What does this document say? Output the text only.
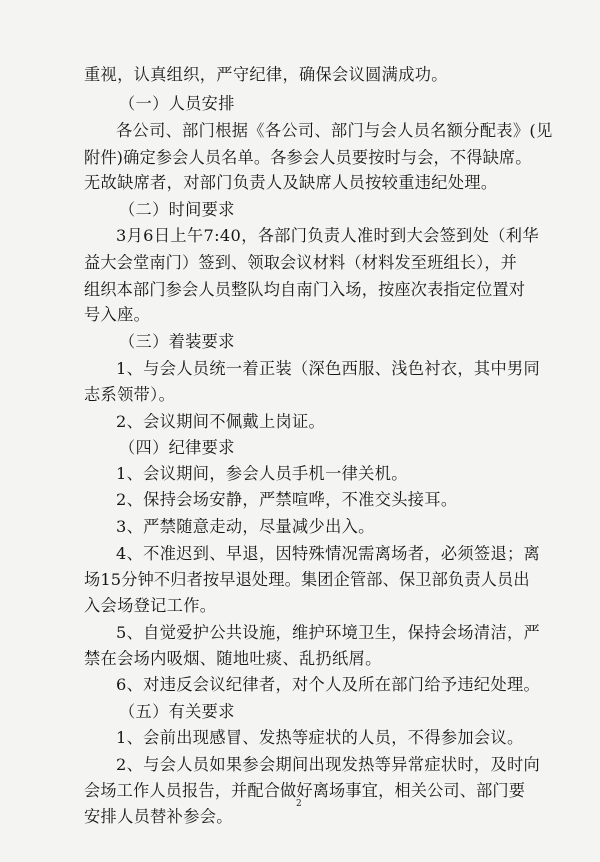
重视，认真组织，严守纪律，确保会议圆满成功。
（一）人员安排
各公司、部门根据《各公司、部门与会人员名额分配表》(见
附件)确定参会人员名单。各参会人员要按时与会，不得缺席。
无故缺席者，对部门负责人及缺席人员按较重违纪处理。
（二）时间要求
3月6日上午7:40，各部门负责人准时到大会签到处（利华
益大会堂南门）签到、领取会议材料（材料发至班组长），并
组织本部门参会人员整队均自南门入场，按座次表指定位置对
号入座。
（三）着装要求
1、与会人员统一着正装（深色西服、浅色衬衣，其中男同
志系领带）。
2、会议期间不佩戴上岗证。
（四）纪律要求
1、会议期间，参会人员手机一律关机。
2、保持会场安静，严禁喧哗，不准交头接耳。
3、严禁随意走动，尽量减少出入。
4、不准迟到、早退，因特殊情况需离场者，必须签退；离
场15分钟不归者按早退处理。集团企管部、保卫部负责人员出
入会场登记工作。
5、自觉爱护公共设施，维护环境卫生，保持会场清洁，严
禁在会场内吸烟、随地吐痰、乱扔纸屑。
6、对违反会议纪律者，对个人及所在部门给予违纪处理。
（五）有关要求
1、会前出现感冒、发热等症状的人员，不得参加会议。
2、与会人员如果参会期间出现发热等异常症状时，及时向
会场工作人员报告，并配合做好离场事宜，相关公司、部门要
安排人员替补参会。
2
